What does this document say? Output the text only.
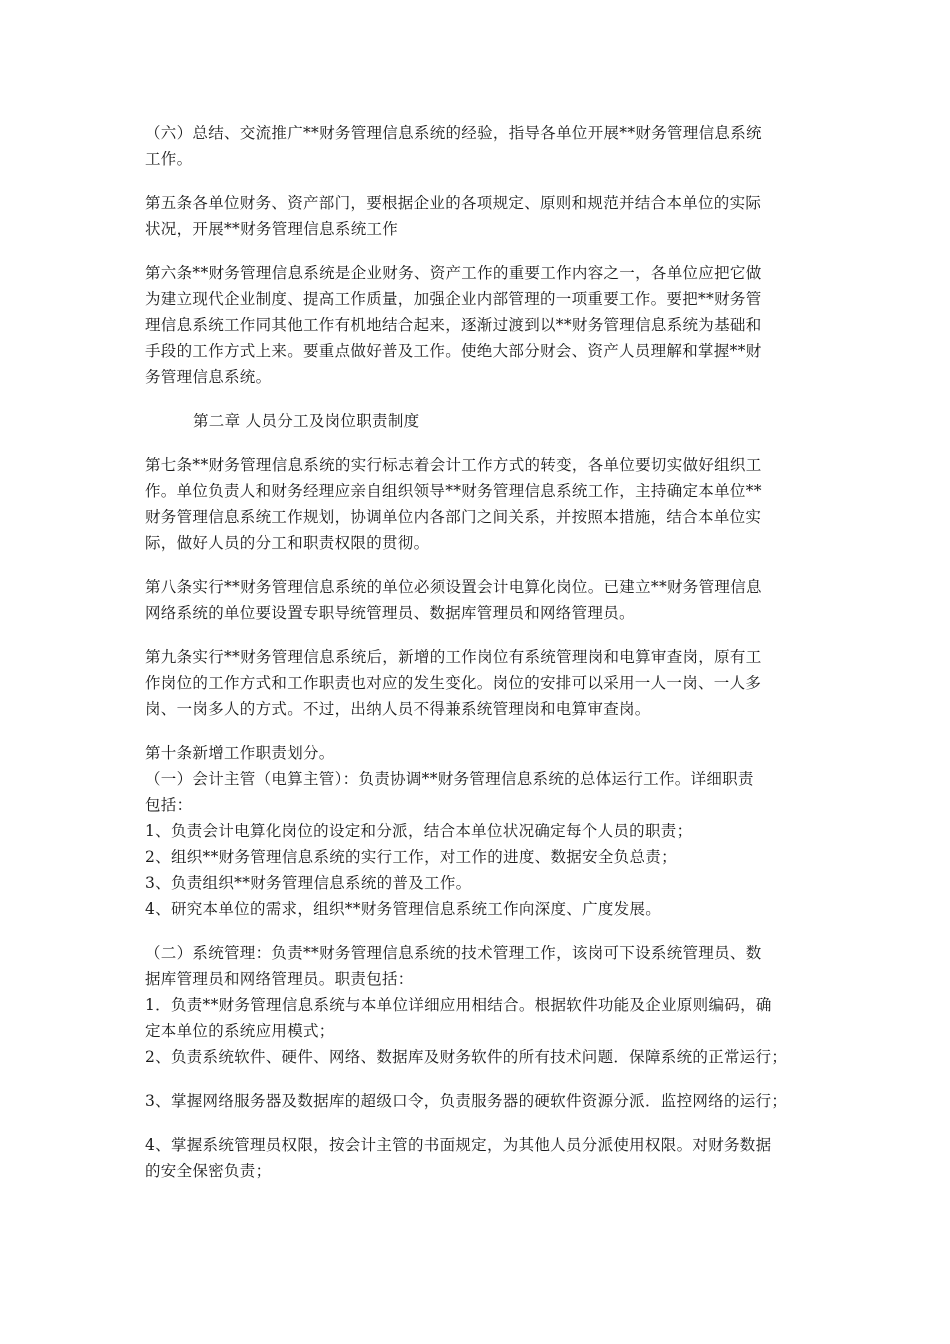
（六）总结、交流推广**财务管理信息系统的经验，指导各单位开展**财务管理信息系统
工作。
第五条各单位财务、资产部门，要根据企业的各项规定、原则和规范并结合本单位的实际
状况，开展**财务管理信息系统工作
第六条**财务管理信息系统是企业财务、资产工作的重要工作内容之一，各单位应把它做
为建立现代企业制度、提高工作质量，加强企业内部管理的一项重要工作。要把**财务管
理信息系统工作同其他工作有机地结合起来，逐渐过渡到以**财务管理信息系统为基础和
手段的工作方式上来。要重点做好普及工作。使绝大部分财会、资产人员理解和掌握**财
务管理信息系统。
第二章 人员分工及岗位职责制度
第七条**财务管理信息系统的实行标志着会计工作方式的转变，各单位要切实做好组织工
作。单位负责人和财务经理应亲自组织领导**财务管理信息系统工作，主持确定本单位**
财务管理信息系统工作规划，协调单位内各部门之间关系，并按照本措施，结合本单位实
际，做好人员的分工和职责权限的贯彻。
第八条实行**财务管理信息系统的单位必须设置会计电算化岗位。已建立**财务管理信息
网络系统的单位要设置专职导统管理员、数据库管理员和网络管理员。
第九条实行**财务管理信息系统后，新增的工作岗位有系统管理岗和电算审查岗，原有工
作岗位的工作方式和工作职责也对应的发生变化。岗位的安排可以采用一人一岗、一人多
岗、一岗多人的方式。不过，出纳人员不得兼系统管理岗和电算审查岗。
第十条新增工作职责划分。
（一）会计主管（电算主管）：负责协调**财务管理信息系统的总体运行工作。详细职责
包括：
1、负责会计电算化岗位的设定和分派，结合本单位状况确定每个人员的职责；
2、组织**财务管理信息系统的实行工作，对工作的进度、数据安全负总责；
3、负责组织**财务管理信息系统的普及工作。
4、研究本单位的需求，组织**财务管理信息系统工作向深度、广度发展。
（二）系统管理：负责**财务管理信息系统的技术管理工作，该岗可下设系统管理员、数
据库管理员和网络管理员。职责包括：
1．负责**财务管理信息系统与本单位详细应用相结合。根据软件功能及企业原则编码，确
定本单位的系统应用模式；
2、负责系统软件、硬件、网络、数据库及财务软件的所有技术问题．保障系统的正常运行；
3、掌握网络服务器及数据库的超级口令，负责服务器的硬软件资源分派．监控网络的运行；
4、掌握系统管理员权限，按会计主管的书面规定，为其他人员分派使用权限。对财务数据
的安全保密负责；
